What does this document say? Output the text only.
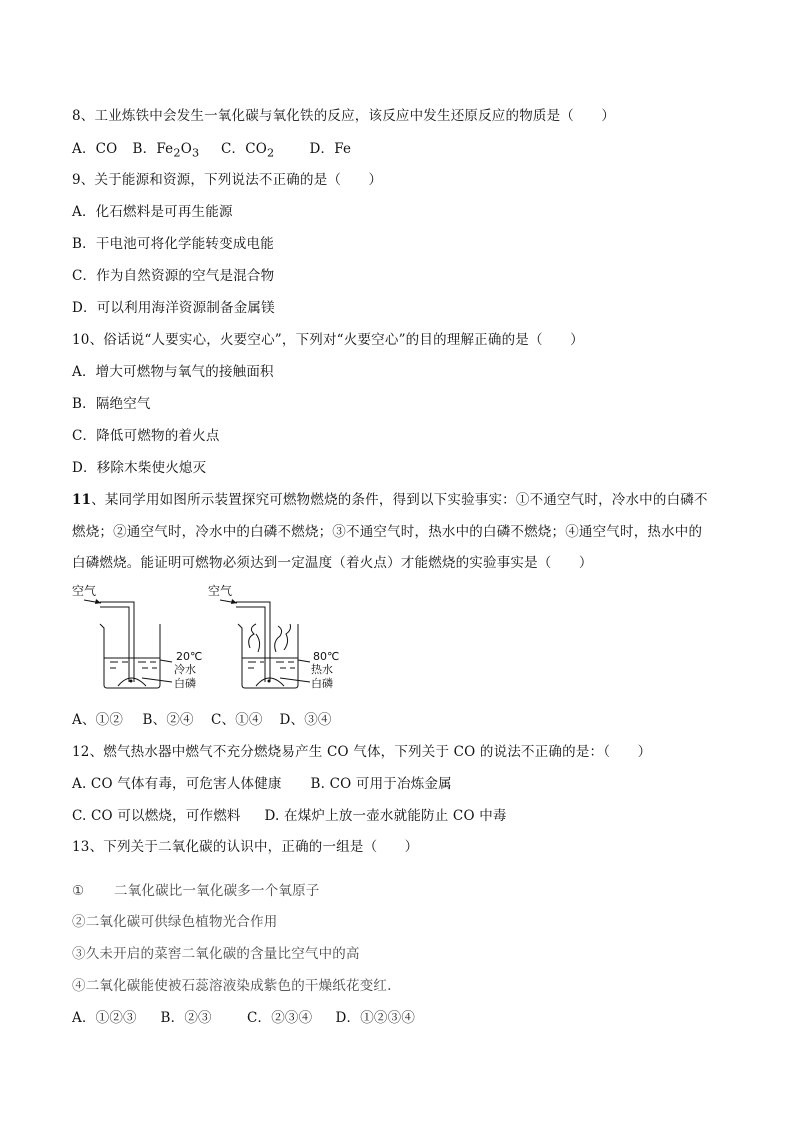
8、工业炼铁中会发生一氧化碳与氧化铁的反应，该反应中发生还原反应的物质是（　　）
A．CO B．$Fe_2O_3$ C．$CO_2$	D．Fe
9、关于能源和资源，下列说法不正确的是（　　）
A．化石燃料是可再生能源
B．干电池可将化学能转变成电能
C．作为自然资源的空气是混合物
D．可以利用海洋资源制备金属镁
10、俗话说“人要实心，火要空心”，下列对“火要空心”的目的理解正确的是（　　）
A．增大可燃物与氧气的接触面积
B．隔绝空气
C．降低可燃物的着火点
D．移除木柴使火熄灭
11、某同学用如图所示装置探究可燃物燃烧的条件，得到以下实验事实：①不通空气时，冷水中的白磷不
燃烧；②通空气时，冷水中的白磷不燃烧；③不通空气时，热水中的白磷不燃烧；④通空气时，热水中的
白磷燃烧。能证明可燃物必须达到一定温度（着火点）才能燃烧的实验事实是（　　）
空气
20℃
冷水
白磷
空气
80℃
热水
白磷
A、①② B、②④ C、①④ D、③④
12、燃气热水器中燃气不充分燃烧易产生 CO 气体，下列关于 CO 的说法不正确的是：（　　）
A. CO 气体有毒，可危害人体健康 B. CO 可用于冶炼金属
C. CO 可以燃烧，可作燃料 D. 在煤炉上放一壶水就能防止 CO 中毒
13、下列关于二氧化碳的认识中，正确的一组是（　　）
① 二氧化碳比一氧化碳多一个氧原子
②二氧化碳可供绿色植物光合作用
③久未开启的菜窖二氧化碳的含量比空气中的高
④二氧化碳能使被石蕊溶液染成紫色的干燥纸花变红.
A．①②③ B．②③	C．②③④ D．①②③④
